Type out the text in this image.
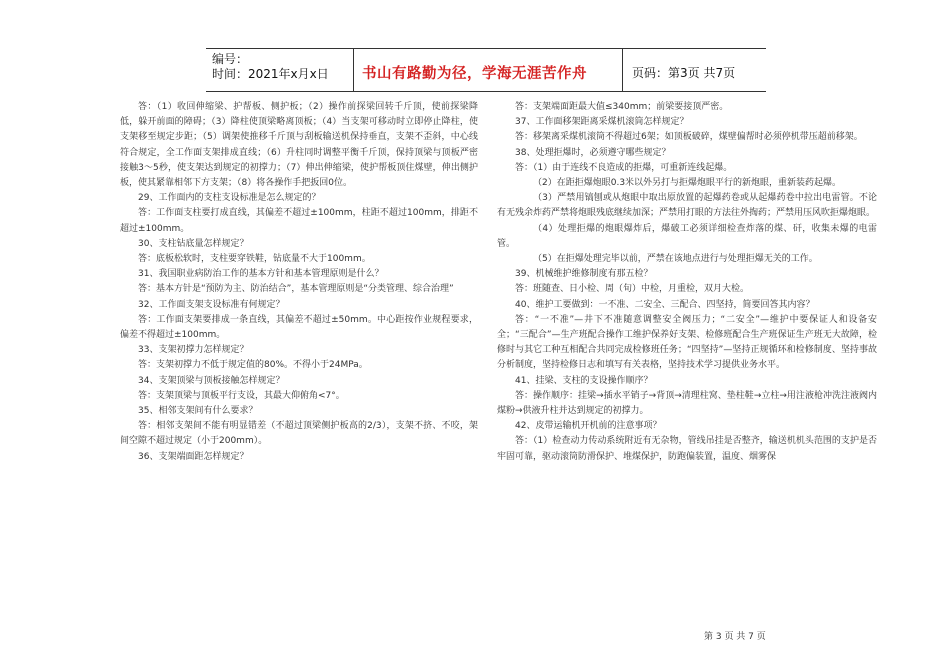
编号：
时间：2021年x月x日 书山有路勤为径，学海无涯苦作舟	页码：第3页 共7页

答：（1）收回伸缩梁、护帮板、侧护板；（2）操作前探梁回转千斤顶，使前探梁降低，躲开前面的障碍；（3）降柱使顶梁略离顶板；（4）当支架可移动时立即停止降柱，使支架移至规定步距；（5）调架使推移千斤顶与刮板输送机保持垂直，支架不歪斜，中心线符合规定，全工作面支架排成直线；（6）升柱同时调整平衡千斤顶，保持顶梁与顶板严密接触3～5秒，使支架达到规定的初撑力；（7）伸出伸缩梁，使护帮板顶住煤壁，伸出侧护板，使其紧靠相邻下方支架；（8）将各操作手把扳回0位。

29、工作面内的支柱支设标准是怎么规定的？

答：工作面支柱要打成直线，其偏差不超过±100mm，柱距不超过100mm，排距不超过±100mm。

30、支柱钻底量怎样规定？

答：底板松软时，支柱要穿铁鞋，钻底量不大于100mm。

31、我国职业病防治工作的基本方针和基本管理原则是什么？

答：基本方针是“预防为主、防治结合”，基本管理原则是“分类管理、综合治理”

32、工作面支架支设标准有何规定？

答：工作面支架要排成一条直线，其偏差不超过±50mm。中心距按作业规程要求，偏差不得超过±100mm。

33、支架初撑力怎样规定？

答：支架初撑力不低于规定值的80%。不得小于24MPa。

34、支架顶梁与顶板接触怎样规定？

答：支架顶梁与顶板平行支设，其最大仰俯角<7°。

35、相邻支架间有什么要求？

答：相邻支架间不能有明显错差（不超过顶梁侧护板高的2/3），支架不挤、不咬，架间空隙不超过规定（小于200mm）。

36、支架端面距怎样规定？

答：支架端面距最大值≤340mm；前梁要接顶严密。

37、工作面移架距离采煤机滚筒怎样规定？

答：移架离采煤机滚筒不得超过6架；如顶板破碎，煤壁偏帮时必须停机带压超前移架。

38、处理拒爆时，必须遵守哪些规定？

答：（1）由于连线不良造成的拒爆，可重新连线起爆。

（2）在距拒爆炮眼0.3米以外另打与拒爆炮眼平行的新炮眼，重新装药起爆。

（3）严禁用镐刨或从炮眼中取出原放置的起爆药卷或从起爆药卷中拉出电雷管。不论有无残余炸药严禁将炮眼残底继续加深；严禁用打眼的方法往外掏药；严禁用压风吹拒爆炮眼。

（4）处理拒爆的炮眼爆炸后，爆破工必须详细检查炸落的煤、矸，收集未爆的电雷管。

（5）在拒爆处理完毕以前，严禁在该地点进行与处理拒爆无关的工作。

39、机械维护维修制度有那五检？

答：班随查、日小检、周（旬）中检，月重检，双月大检。

40、维护工要做到：一不准、二安全、三配合、四坚持，简要回答其内容？

答：“一不准”—井下不准随意调整安全阀压力；“二安全”—维护中要保证人和设备安全；“三配合”—生产班配合操作工维护保养好支架、检修班配合生产班保证生产班无大故障，检修时与其它工种互相配合共同完成检修班任务；“四坚持”—坚持正规循环和检修制度、坚持事故分析制度，坚持检修日志和填写有关表格，坚持技术学习提供业务水平。

41、挂梁、支柱的支设操作顺序？

答：操作顺序：挂梁→插水平销子→背顶→清理柱窝、垫柱鞋→立柱→用注液枪冲洗注液阀内煤粉→供液升柱并达到规定的初撑力。

42、皮带运输机开机前的注意事项？

答：（1）检查动力传动系统附近有无杂物，管线吊挂是否整齐，输送机机头范围的支护是否牢固可靠，驱动滚筒防滑保护、堆煤保护，防跑偏装置，温度、烟雾保

第 3 页 共 7 页
